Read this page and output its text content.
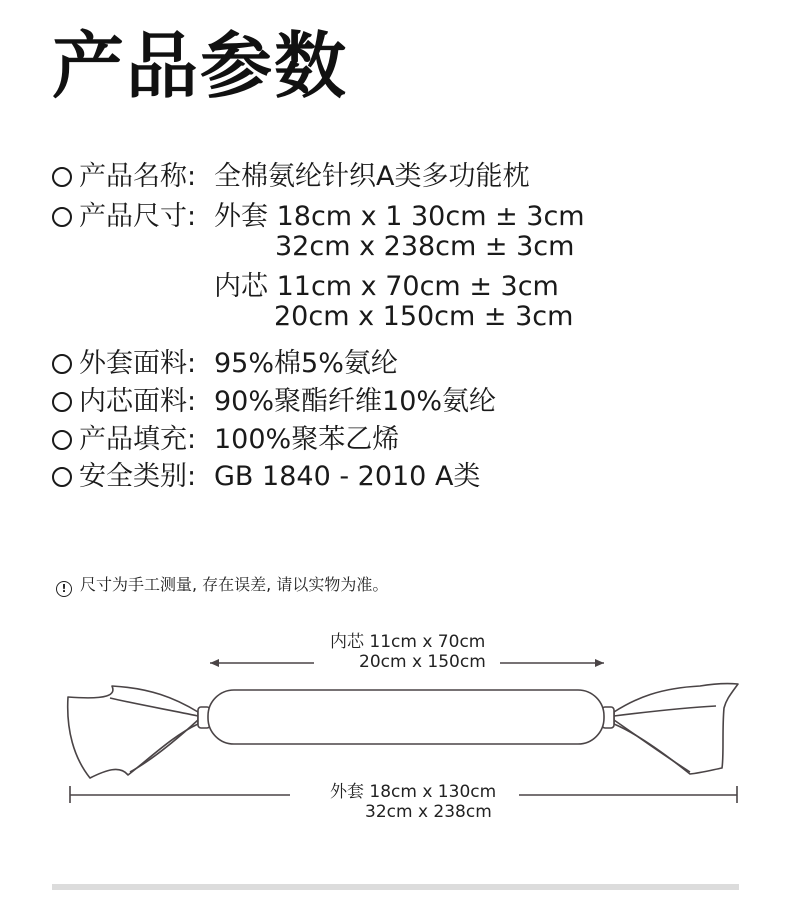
产品参数
产品名称: 全棉氨纶针织A类多功能枕
产品尺寸: 外套 18cm x 1 30cm ± 3cm
32cm x 238cm ± 3cm
内芯 11cm x 70cm ± 3cm
20cm x 150cm ± 3cm
外套面料: 95%棉5%氨纶
内芯面料: 90%聚酯纤维10%氨纶
产品填充: 100%聚苯乙烯
安全类别: GB 1840 - 2010 A类
! 尺寸为手工测量, 存在误差, 请以实物为准。
内芯 11cm x 70cm
20cm x 150cm
外套 18cm x 130cm
32cm x 238cm
